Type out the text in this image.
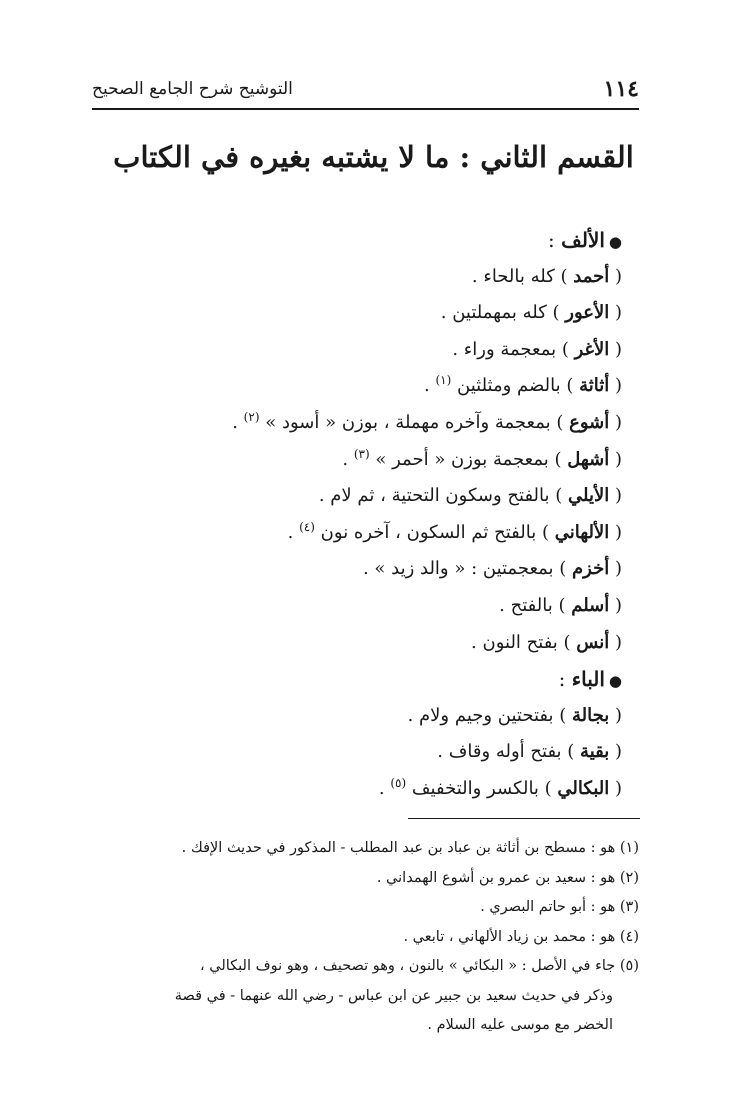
١١٤
التوشيح شرح الجامع الصحيح
القسم الثاني : ما لا يشتبه بغيره في الكتاب
●الألف :
( أحمد ) كله بالحاء .
( الأعور ) كله بمهملتين .
( الأغر ) بمعجمة وراء .
( أثاثة ) بالضم ومثلثين $^{(١)}$ .
( أشوع ) بمعجمة وآخره مهملة ، بوزن « أسود » $^{(٢)}$ .
( أشهل ) بمعجمة بوزن « أحمر » $^{(٣)}$ .
( الأيلي ) بالفتح وسكون التحتية ، ثم لام .
( الألهاني ) بالفتح ثم السكون ، آخره نون $^{(٤)}$ .
( أخزم ) بمعجمتين : « والد زيد » .
( أسلم ) بالفتح .
( أنس ) بفتح النون .
●الباء :
( بجالة ) بفتحتين وجيم ولام .
( بقية ) بفتح أوله وقاف .
( البكالي ) بالكسر والتخفيف $^{(٥)}$ .
(١) هو : مسطح بن أثاثة بن عباد بن عبد المطلب - المذكور في حديث الإفك .
(٢) هو : سعيد بن عمرو بن أشوع الهمداني .
(٣) هو : أبو حاتم البصري .
(٤) هو : محمد بن زياد الألهاني ، تابعي .
(٥) جاء في الأصل : « البكائي » بالنون ، وهو تصحيف ، وهو نوف البكالي ،
وذكر في حديث سعيد بن جبير عن ابن عباس - رضي الله عنهما - في قصة
الخضر مع موسى عليه السلام .
